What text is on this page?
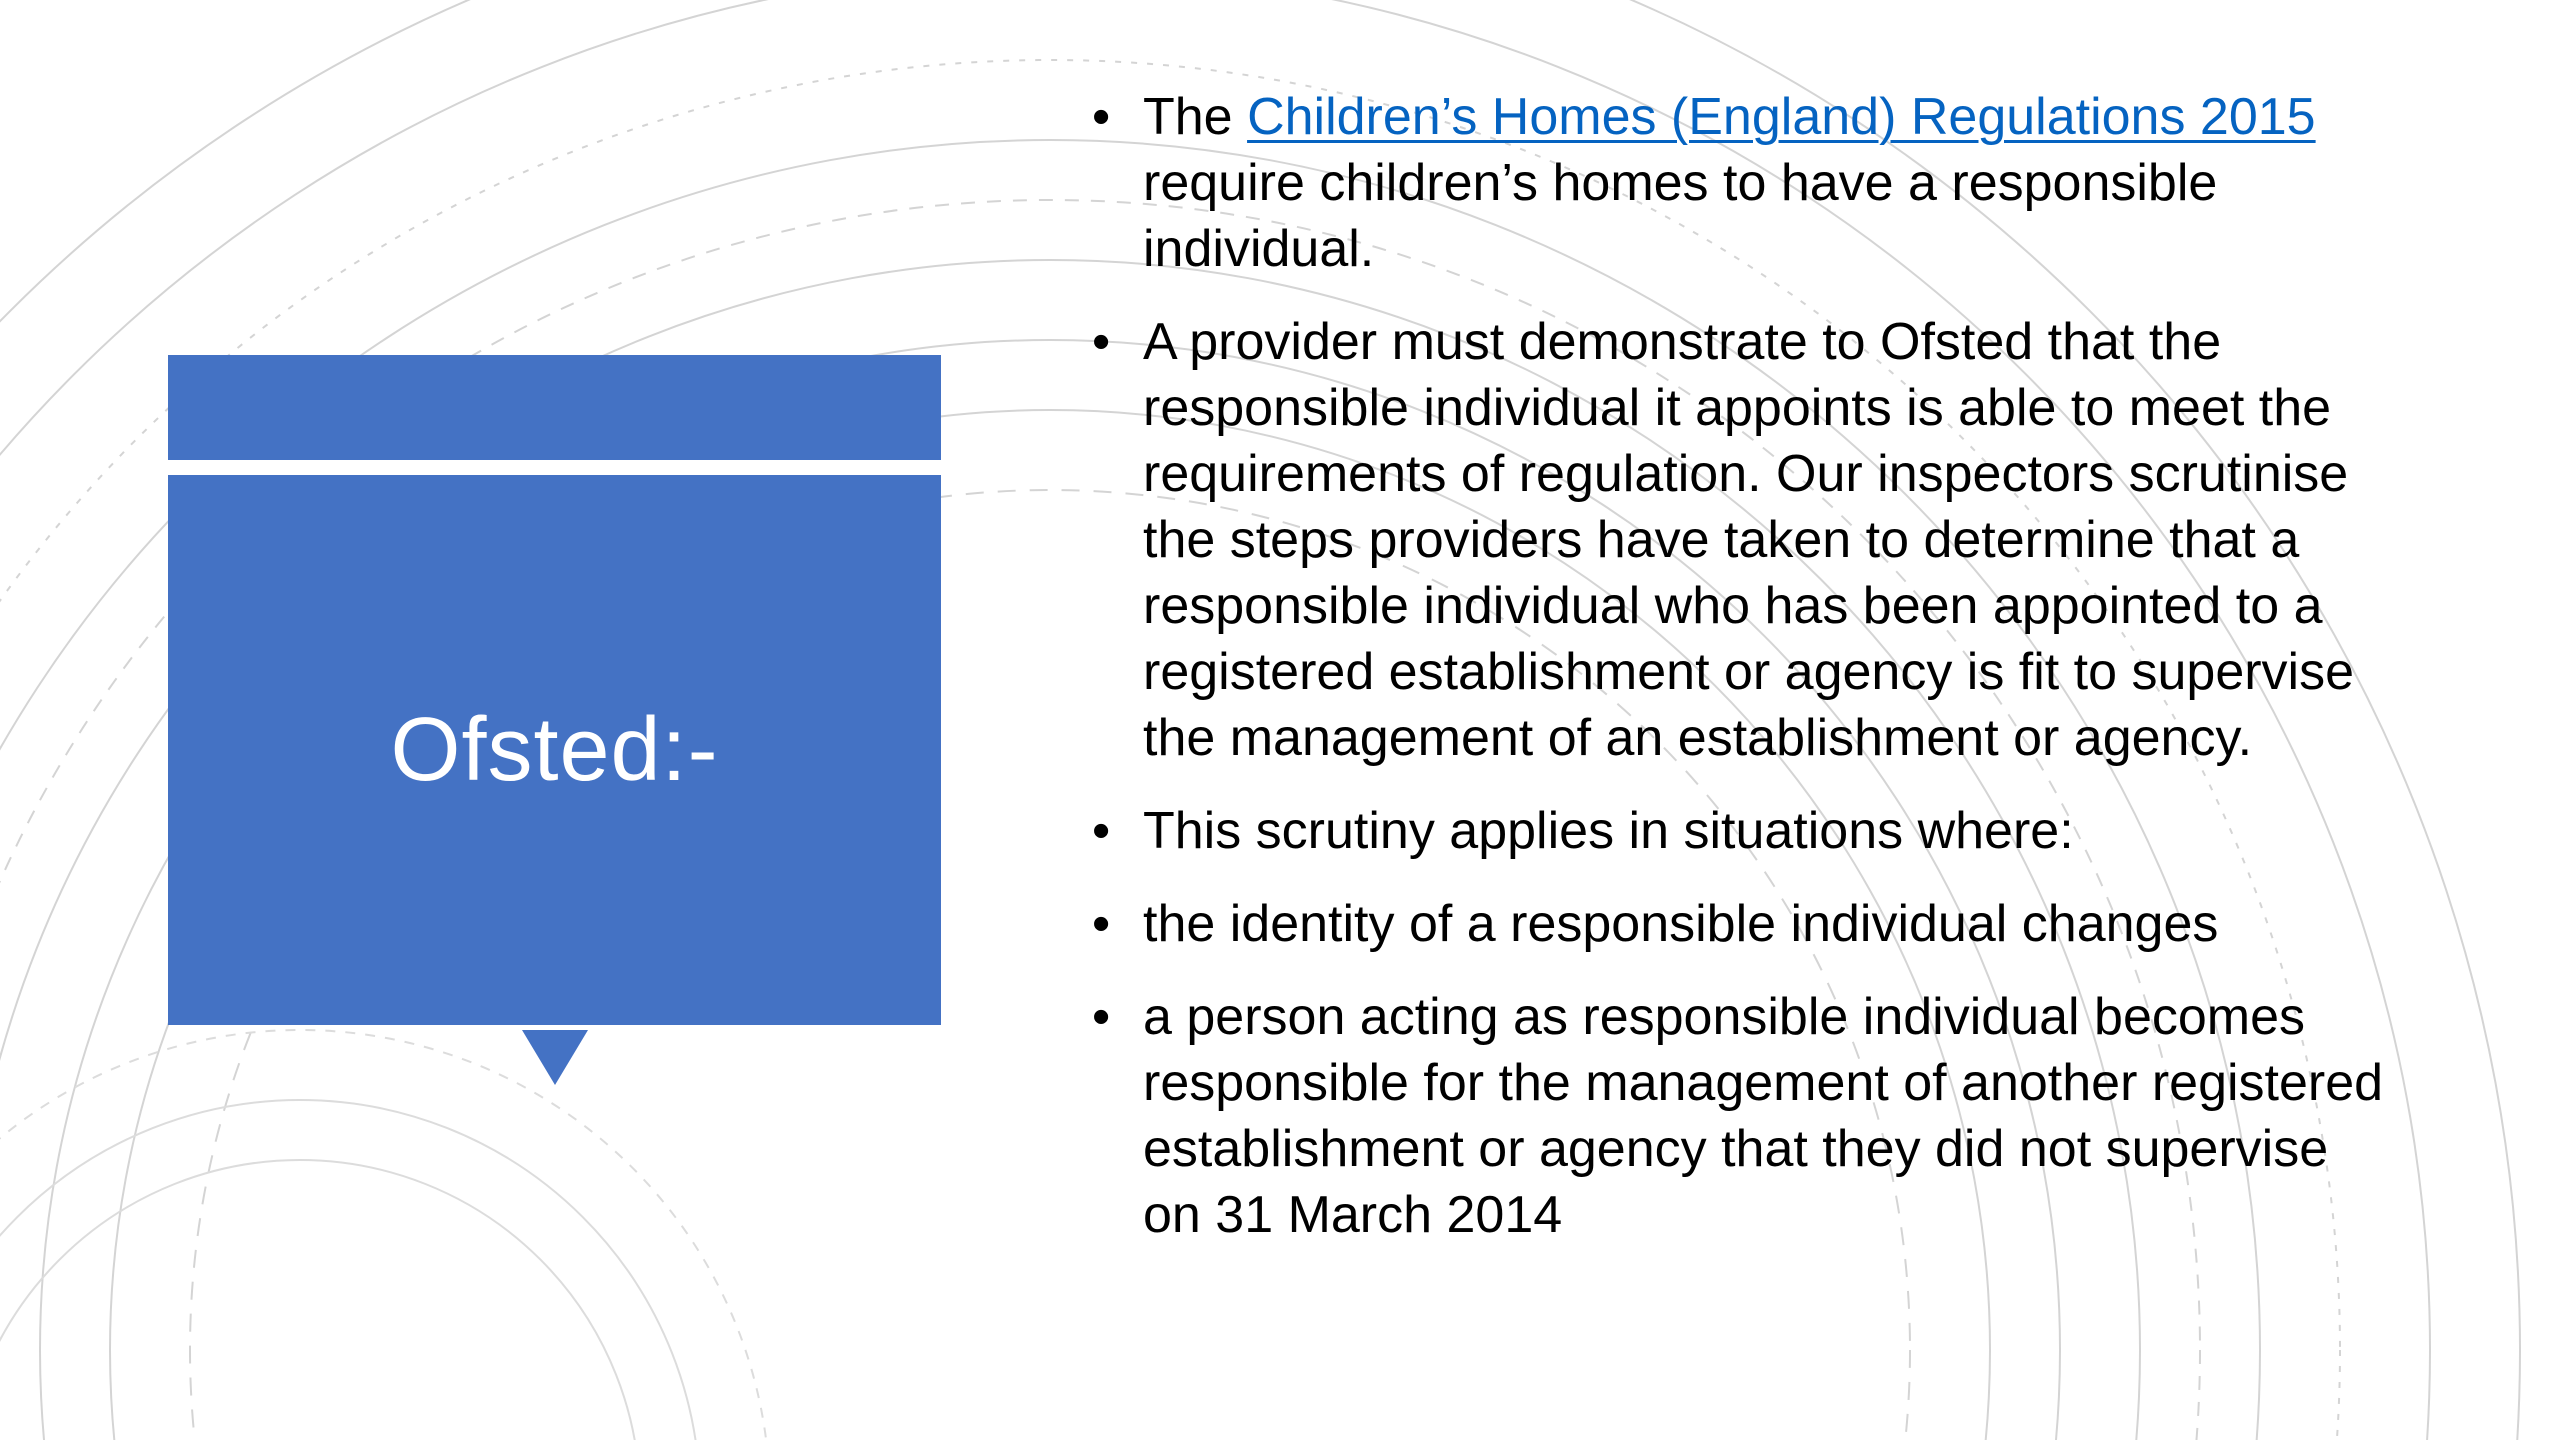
Ofsted:-
• The Children’s Homes (England) Regulations 2015 require children’s homes to have a responsible individual.
• A provider must demonstrate to Ofsted that the responsible individual it appoints is able to meet the requirements of regulation. Our inspectors scrutinise the steps providers have taken to determine that a responsible individual who has been appointed to a registered establishment or agency is fit to supervise the management of an establishment or agency.
• This scrutiny applies in situations where:
• the identity of a responsible individual changes
• a person acting as responsible individual becomes responsible for the management of another registered establishment or agency that they did not supervise on 31 March 2014
